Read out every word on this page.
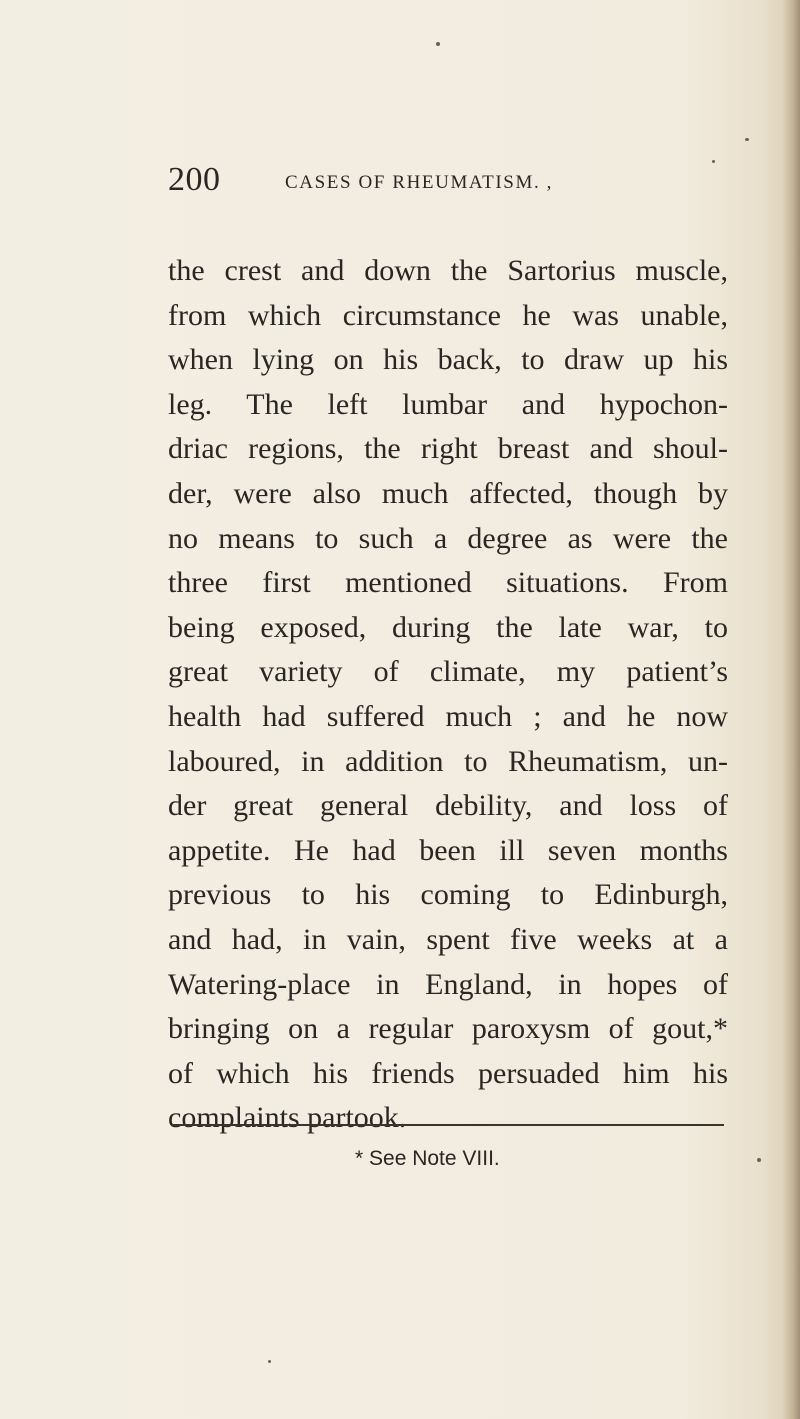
200	CASES OF RHEUMATISM. ,
the crest and down the Sartorius muscle,
from which circumstance he was unable,
when lying on his back, to draw up his
leg. The left lumbar and hypochon-
driac regions, the right breast and shoul-
der, were also much affected, though by
no means to such a degree as were the
three first mentioned situations. From
being exposed, during the late war, to
great variety of climate, my patient’s
health had suffered much ; and he now
laboured, in addition to Rheumatism, un-
der great general debility, and loss of
appetite. He had been ill seven months
previous to his coming to Edinburgh,
and had, in vain, spent five weeks at a
Watering-place in England, in hopes of
bringing on a regular paroxysm of gout,*
of which his friends persuaded him his
complaints partook.
* See Note VIII.
